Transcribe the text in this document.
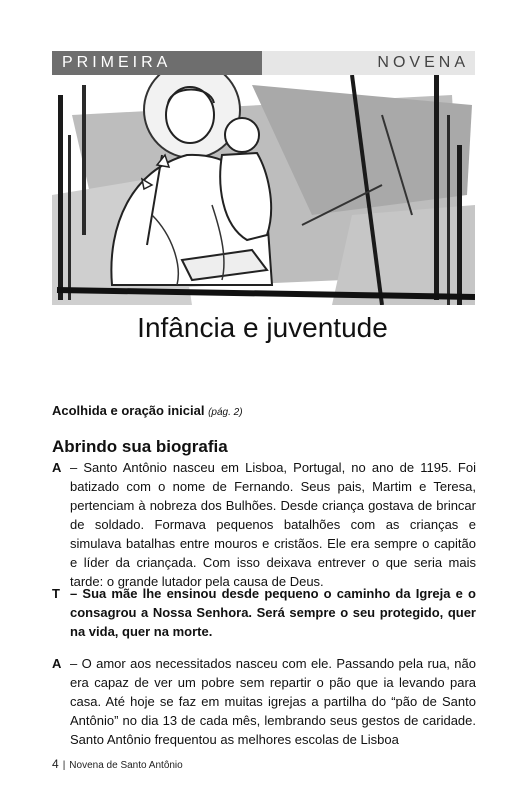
PRIMEIRA	NOVENA
Infância e juventude
Acolhida e oração inicial (pág. 2)
Abrindo sua biografia
A – Santo Antônio nasceu em Lisboa, Portugal, no ano de 1195. Foi batizado com o nome de Fernando. Seus pais, Martim e Teresa, pertenciam à nobreza dos Bulhões. Desde criança gostava de brincar de soldado. Formava pequenos batalhões com as crianças e simulava batalhas entre mouros e cristãos. Ele era sempre o capitão e líder da criançada. Com isso deixava entrever o que seria mais tarde: o grande lutador pela causa de Deus.
T – Sua mãe lhe ensinou desde pequeno o caminho da Igreja e o consagrou a Nossa Senhora. Será sempre o seu protegido, quer na vida, quer na morte.
A – O amor aos necessitados nasceu com ele. Passando pela rua, não era capaz de ver um pobre sem repartir o pão que ia levando para casa. Até hoje se faz em muitas igrejas a partilha do “pão de Santo Antônio” no dia 13 de cada mês, lembrando seus gestos de caridade. Santo Antônio frequentou as melhores escolas de Lisboa
4 | Novena de Santo Antônio
